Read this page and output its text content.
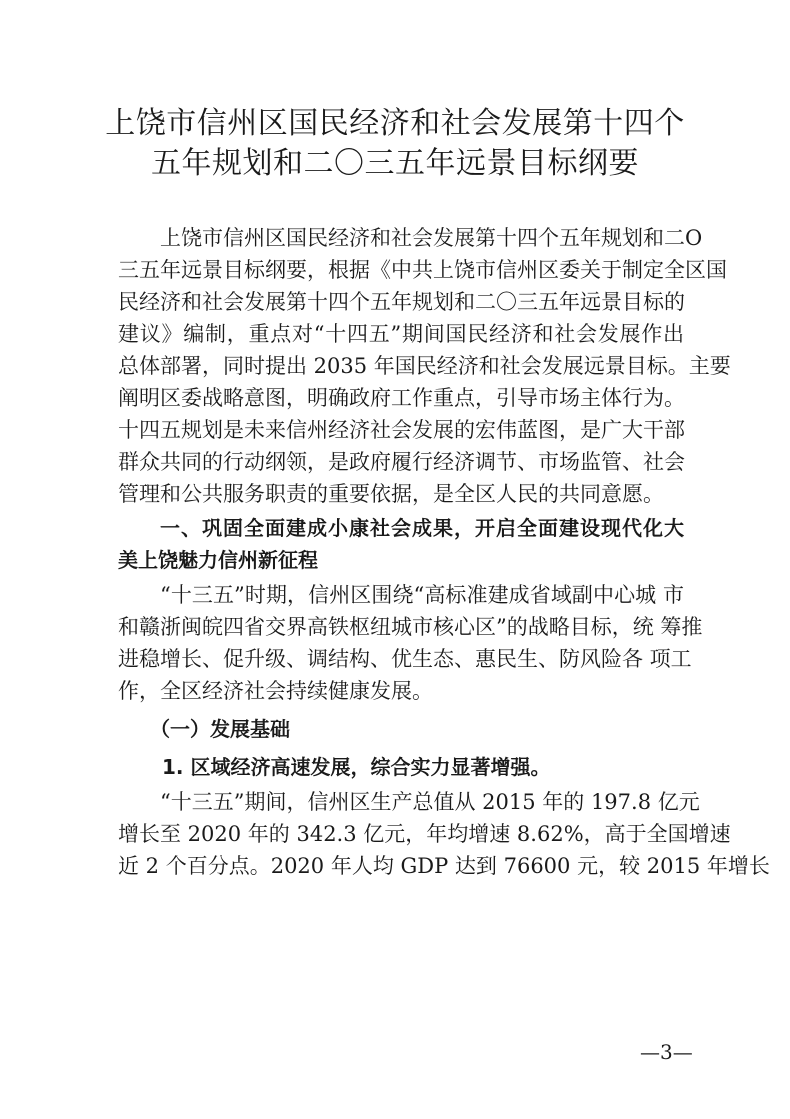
上饶市信州区国民经济和社会发展第十四个
五年规划和二〇三五年远景目标纲要
上饶市信州区国民经济和社会发展第十四个五年规划和二O
三五年远景目标纲要，根据《中共上饶市信州区委关于制定全区国
民经济和社会发展第十四个五年规划和二〇三五年远景目标的
建议》编制，重点对“十四五”期间国民经济和社会发展作出
总体部署，同时提出 2035 年国民经济和社会发展远景目标。主要
阐明区委战略意图，明确政府工作重点，引导市场主体行为。
十四五规划是未来信州经济社会发展的宏伟蓝图，是广大干部
群众共同的行动纲领，是政府履行经济调节、市场监管、社会
管理和公共服务职责的重要依据，是全区人民的共同意愿。
一、巩固全面建成小康社会成果，开启全面建设现代化大
美上饶魅力信州新征程
“十三五”时期，信州区围绕“高标准建成省域副中心城 市
和赣浙闽皖四省交界高铁枢纽城市核心区”的战略目标，统 筹推
进稳增长、促升级、调结构、优生态、惠民生、防风险各 项工
作，全区经济社会持续健康发展。
（一）发展基础
1. 区域经济高速发展，综合实力显著增强。
“十三五”期间，信州区生产总值从 2015 年的 197.8 亿元
增长至 2020 年的 342.3 亿元，年均增速 8.62%，高于全国增速
近 2 个百分点。2020 年人均 GDP 达到 76600 元，较 2015 年增长
—3—
